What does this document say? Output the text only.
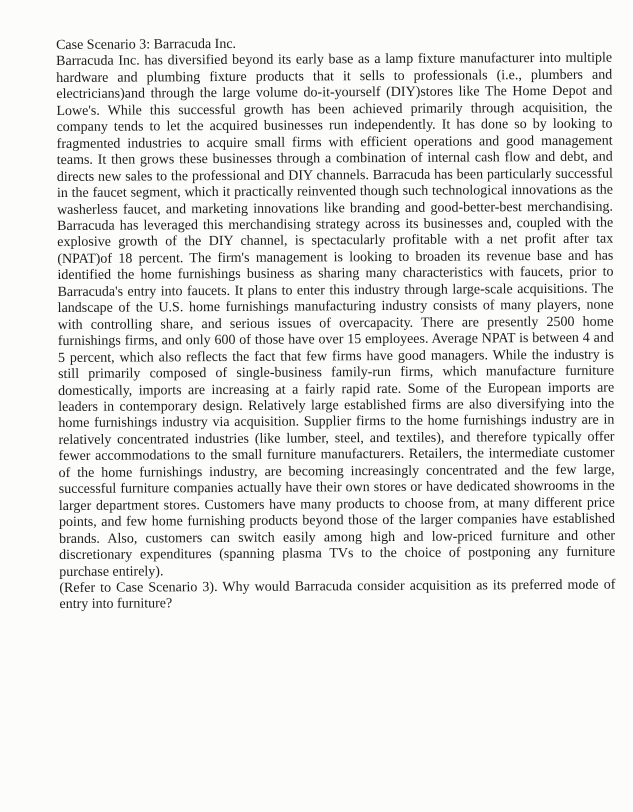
Case Scenario 3: Barracuda Inc.

Barracuda Inc. has diversified beyond its early base as a lamp fixture manufacturer into multiple hardware and plumbing fixture products that it sells to professionals (i.e., plumbers and electricians)and through the large volume do-it-yourself (DIY)stores like The Home Depot and Lowe's. While this successful growth has been achieved primarily through acquisition, the company tends to let the acquired businesses run independently. It has done so by looking to fragmented industries to acquire small firms with efficient operations and good management teams. It then grows these businesses through a combination of internal cash flow and debt, and directs new sales to the professional and DIY channels. Barracuda has been particularly successful in the faucet segment, which it practically reinvented though such technological innovations as the washerless faucet, and marketing innovations like branding and good-better-best merchandising. Barracuda has leveraged this merchandising strategy across its businesses and, coupled with the explosive growth of the DIY channel, is spectacularly profitable with a net profit after tax (NPAT)of 18 percent. The firm's management is looking to broaden its revenue base and has identified the home furnishings business as sharing many characteristics with faucets, prior to Barracuda's entry into faucets. It plans to enter this industry through large-scale acquisitions. The landscape of the U.S. home furnishings manufacturing industry consists of many players, none with controlling share, and serious issues of overcapacity. There are presently 2500 home furnishings firms, and only 600 of those have over 15 employees. Average NPAT is between 4 and 5 percent, which also reflects the fact that few firms have good managers. While the industry is still primarily composed of single-business family-run firms, which manufacture furniture domestically, imports are increasing at a fairly rapid rate. Some of the European imports are leaders in contemporary design. Relatively large established firms are also diversifying into the home furnishings industry via acquisition. Supplier firms to the home furnishings industry are in relatively concentrated industries (like lumber, steel, and textiles), and therefore typically offer fewer accommodations to the small furniture manufacturers. Retailers, the intermediate customer of the home furnishings industry, are becoming increasingly concentrated and the few large, successful furniture companies actually have their own stores or have dedicated showrooms in the larger department stores. Customers have many products to choose from, at many different price points, and few home furnishing products beyond those of the larger companies have established brands. Also, customers can switch easily among high and low-priced furniture and other discretionary expenditures (spanning plasma TVs to the choice of postponing any furniture purchase entirely).

(Refer to Case Scenario 3). Why would Barracuda consider acquisition as its preferred mode of entry into furniture?
